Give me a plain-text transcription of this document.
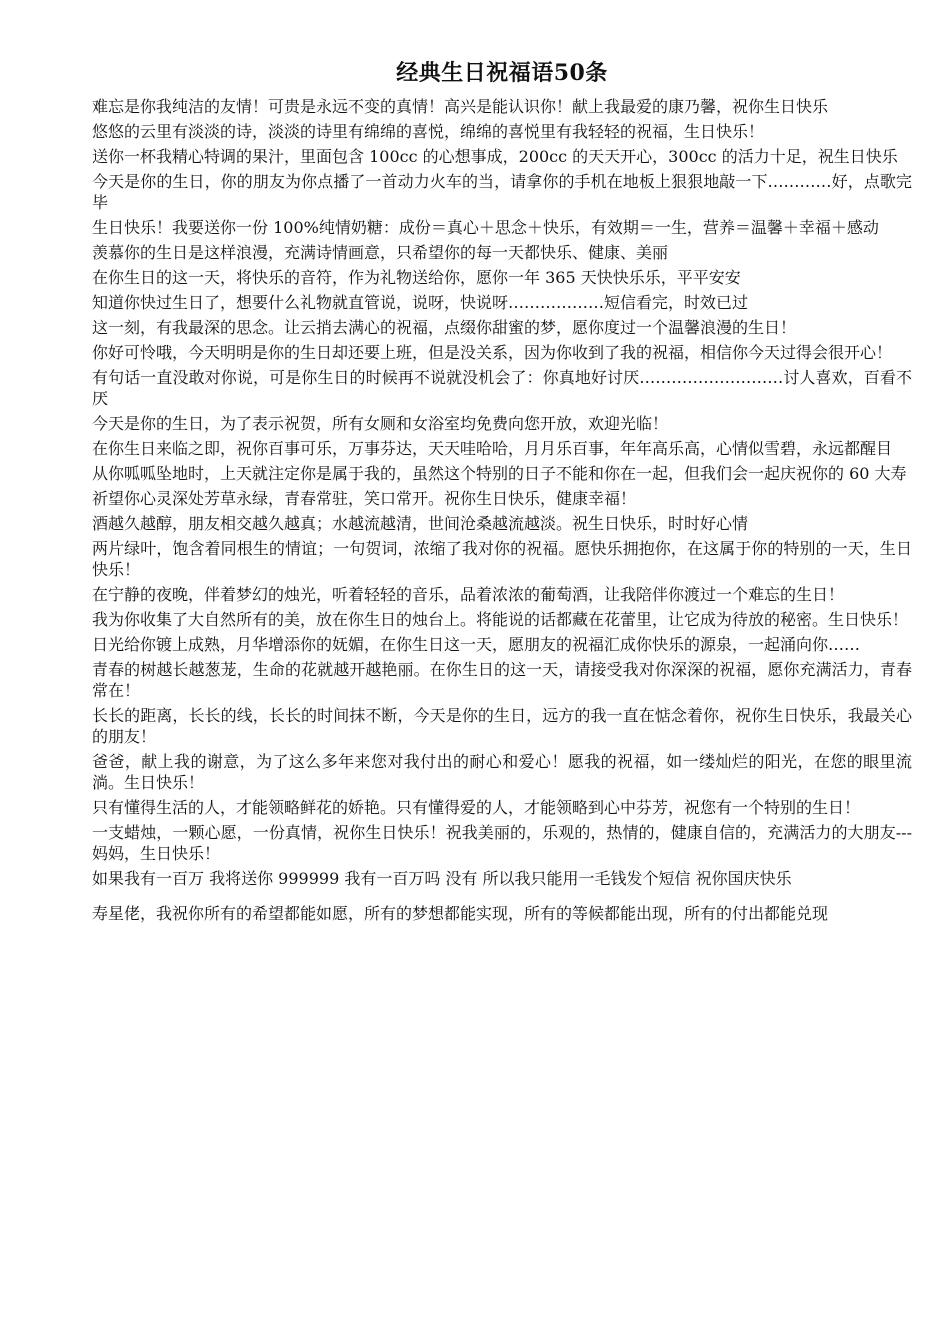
经典生日祝福语50条

难忘是你我纯洁的友情！可贵是永远不变的真情！高兴是能认识你！献上我最爱的康乃馨，祝你生日快乐

悠悠的云里有淡淡的诗，淡淡的诗里有绵绵的喜悦，绵绵的喜悦里有我轻轻的祝福，生日快乐！

送你一杯我精心特调的果汁，里面包含 100cc 的心想事成，200cc 的天天开心，300cc 的活力十足，祝生日快乐

今天是你的生日，你的朋友为你点播了一首动力火车的当，请拿你的手机在地板上狠狠地敲一下…………好，点歌完毕

生日快乐！我要送你一份 100%纯情奶糖：成份＝真心＋思念＋快乐，有效期＝一生，营养＝温馨＋幸福＋感动

羡慕你的生日是这样浪漫，充满诗情画意，只希望你的每一天都快乐、健康、美丽

在你生日的这一天，将快乐的音符，作为礼物送给你，愿你一年 365 天快快乐乐，平平安安

知道你快过生日了，想要什么礼物就直管说，说呀，快说呀………………短信看完，时效已过

这一刻，有我最深的思念。让云捎去满心的祝福，点缀你甜蜜的梦，愿你度过一个温馨浪漫的生日！

你好可怜哦，今天明明是你的生日却还要上班，但是没关系，因为你收到了我的祝福，相信你今天过得会很开心！

有句话一直没敢对你说，可是你生日的时候再不说就没机会了：你真地好讨厌………………………讨人喜欢，百看不厌

今天是你的生日，为了表示祝贺，所有女厕和女浴室均免费向您开放，欢迎光临！

在你生日来临之即，祝你百事可乐，万事芬达，天天哇哈哈，月月乐百事，年年高乐高，心情似雪碧，永远都醒目

从你呱呱坠地时，上天就注定你是属于我的，虽然这个特别的日子不能和你在一起，但我们会一起庆祝你的 60 大寿

祈望你心灵深处芳草永绿，青春常驻，笑口常开。祝你生日快乐，健康幸福！

酒越久越醇，朋友相交越久越真；水越流越清，世间沧桑越流越淡。祝生日快乐，时时好心情

两片绿叶，饱含着同根生的情谊；一句贺词，浓缩了我对你的祝福。愿快乐拥抱你，在这属于你的特别的一天，生日快乐！

在宁静的夜晚，伴着梦幻的烛光，听着轻轻的音乐，品着浓浓的葡萄酒，让我陪伴你渡过一个难忘的生日！

我为你收集了大自然所有的美，放在你生日的烛台上。将能说的话都藏在花蕾里，让它成为待放的秘密。生日快乐！

日光给你镀上成熟，月华增添你的妩媚，在你生日这一天，愿朋友的祝福汇成你快乐的源泉，一起涌向你……

青春的树越长越葱茏，生命的花就越开越艳丽。在你生日的这一天，请接受我对你深深的祝福，愿你充满活力，青春常在！

长长的距离，长长的线，长长的时间抹不断，今天是你的生日，远方的我一直在惦念着你，祝你生日快乐，我最关心的朋友！

爸爸，献上我的谢意，为了这么多年来您对我付出的耐心和爱心！愿我的祝福，如一缕灿烂的阳光，在您的眼里流淌。生日快乐！

只有懂得生活的人，才能领略鲜花的娇艳。只有懂得爱的人，才能领略到心中芬芳，祝您有一个特别的生日！

一支蜡烛，一颗心愿，一份真情，祝你生日快乐！祝我美丽的，乐观的，热情的，健康自信的，充满活力的大朋友---妈妈，生日快乐！

如果我有一百万 我将送你 999999 我有一百万吗 没有 所以我只能用一毛钱发个短信 祝你国庆快乐

寿星佬，我祝你所有的希望都能如愿，所有的梦想都能实现，所有的等候都能出现，所有的付出都能兑现
